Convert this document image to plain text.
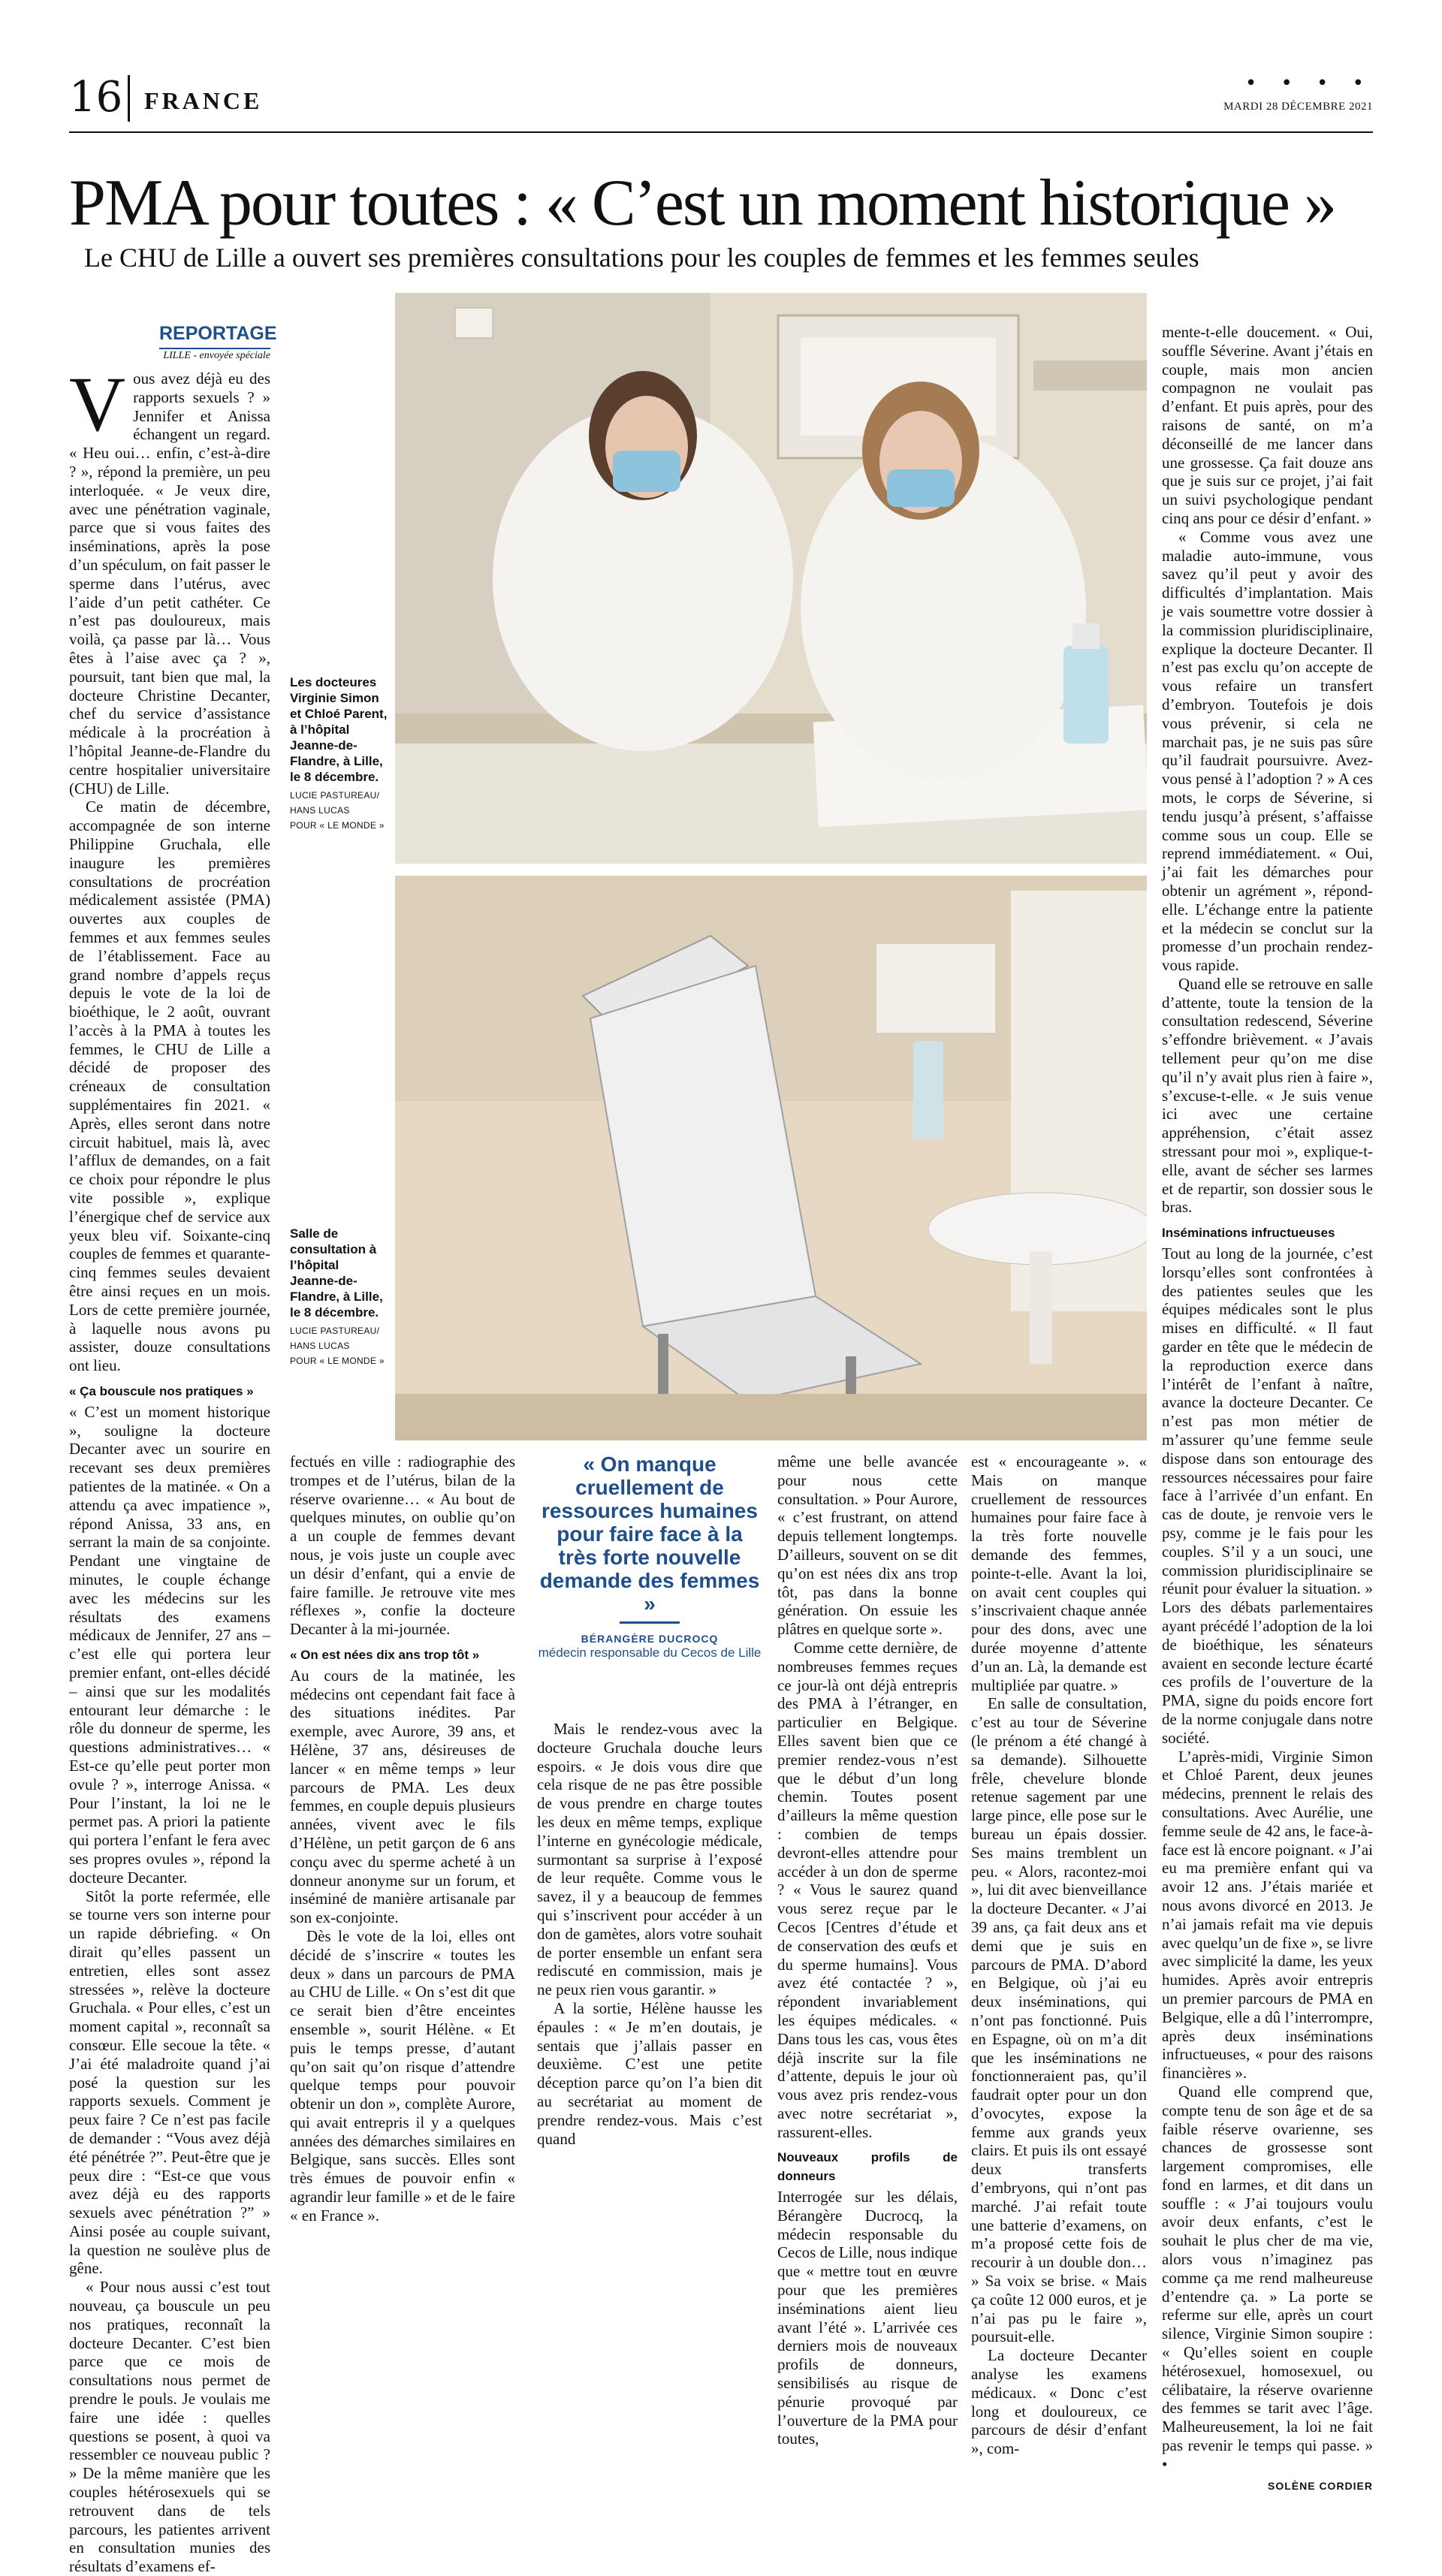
16 FRANCE
• • • •
MARDI 28 DÉCEMBRE 2021
PMA pour toutes : « C’est un moment historique »
Le CHU de Lille a ouvert ses premières consultations pour les couples de femmes et les femmes seules
REPORTAGE
LILLE - envoyée spéciale

Vous avez déjà eu des rapports sexuels ? » Jennifer et Anissa échangent un regard. « Heu oui… enfin, c’est-à-dire ? », répond la première, un peu interloquée. « Je veux dire, avec une pénétration vaginale, parce que si vous faites des inséminations, après la pose d’un spéculum, on fait passer le sperme dans l’utérus, avec l’aide d’un petit cathéter. Ce n’est pas douloureux, mais voilà, ça passe par là… Vous êtes à l’aise avec ça ? », poursuit, tant bien que mal, la docteure Christine Decanter, chef du service d’assistance médicale à la procréation à l’hôpital Jeanne-de-Flandre du centre hospitalier universitaire (CHU) de Lille.

Ce matin de décembre, accompagnée de son interne Philippine Gruchala, elle inaugure les premières consultations de procréation médicalement assistée (PMA) ouvertes aux couples de femmes et aux femmes seules de l’établissement. Face au grand nombre d’appels reçus depuis le vote de la loi de bioéthique, le 2 août, ouvrant l’accès à la PMA à toutes les femmes, le CHU de Lille a décidé de proposer des créneaux de consultation supplémentaires fin 2021. « Après, elles seront dans notre circuit habituel, mais là, avec l’afflux de demandes, on a fait ce choix pour répondre le plus vite possible », explique l’énergique chef de service aux yeux bleu vif. Soixante-cinq couples de femmes et quarante-cinq femmes seules devaient être ainsi reçues en un mois. Lors de cette première journée, à laquelle nous avons pu assister, douze consultations ont lieu.

« Ça bouscule nos pratiques »

« C’est un moment historique », souligne la docteure Decanter avec un sourire en recevant ses deux premières patientes de la matinée. « On a attendu ça avec impatience », répond Anissa, 33 ans, en serrant la main de sa conjointe. Pendant une vingtaine de minutes, le couple échange avec les médecins sur les résultats des examens médicaux de Jennifer, 27 ans – c’est elle qui portera leur premier enfant, ont-elles décidé – ainsi que sur les modalités entourant leur démarche : le rôle du donneur de sperme, les questions administratives… « Est-ce qu’elle peut porter mon ovule ? », interroge Anissa. « Pour l’instant, la loi ne le permet pas. A priori la patiente qui portera l’enfant le fera avec ses propres ovules », répond la docteure Decanter.

Sitôt la porte refermée, elle se tourne vers son interne pour un rapide débriefing. « On dirait qu’elles passent un entretien, elles sont assez stressées », relève la docteure Gruchala. « Pour elles, c’est un moment capital », reconnaît sa consœur. Elle secoue la tête. « J’ai été maladroite quand j’ai posé la question sur les rapports sexuels. Comment je peux faire ? Ce n’est pas facile de demander : “Vous avez déjà été pénétrée ?”. Peut-être que je peux dire : “Est-ce que vous avez déjà eu des rapports sexuels avec pénétration ?” » Ainsi posée au couple suivant, la question ne soulève plus de gêne.

« Pour nous aussi c’est tout nouveau, ça bouscule un peu nos pratiques, reconnaît la docteure Decanter. C’est bien parce que ce mois de consultations nous permet de prendre le pouls. Je voulais me faire une idée : quelles questions se posent, à quoi va ressembler ce nouveau public ? » De la même manière que les couples hétérosexuels qui se retrouvent dans de tels parcours, les patientes arrivent en consultation munies des résultats d’examens ef-

Les docteures Virginie Simon et Chloé Parent, à l’hôpital Jeanne-de-Flandre, à Lille, le 8 décembre.
LUCIE PASTUREAU/
HANS LUCAS
POUR « LE MONDE »
Salle de consultation à l’hôpital Jeanne-de-Flandre, à Lille, le 8 décembre.
LUCIE PASTUREAU/
HANS LUCAS
POUR « LE MONDE »

fectués en ville : radiographie des trompes et de l’utérus, bilan de la réserve ovarienne… « Au bout de quelques minutes, on oublie qu’on a un couple de femmes devant nous, je vois juste un couple avec un désir d’enfant, qui a envie de faire famille. Je retrouve vite mes réflexes », confie la docteure Decanter à la mi-journée.

« On est nées dix ans trop tôt »

Au cours de la matinée, les médecins ont cependant fait face à des situations inédites. Par exemple, avec Aurore, 39 ans, et Hélène, 37 ans, désireuses de lancer « en même temps » leur parcours de PMA. Les deux femmes, en couple depuis plusieurs années, vivent avec le fils d’Hélène, un petit garçon de 6 ans conçu avec du sperme acheté à un donneur anonyme sur un forum, et inséminé de manière artisanale par son ex-conjointe.

Dès le vote de la loi, elles ont décidé de s’inscrire « toutes les deux » dans un parcours de PMA au CHU de Lille. « On s’est dit que ce serait bien d’être enceintes ensemble », sourit Hélène. « Et puis le temps presse, d’autant qu’on sait qu’on risque d’attendre quelque temps pour pouvoir obtenir un don », complète Aurore, qui avait entrepris il y a quelques années des démarches similaires en Belgique, sans succès. Elles sont très émues de pouvoir enfin « agrandir leur famille » et de le faire « en France ».

« On manque cruellement de ressources humaines pour faire face à la très forte nouvelle demande des femmes »
BÉRANGÈRE DUCROCQ
médecin responsable du Cecos de Lille

Mais le rendez-vous avec la docteure Gruchala douche leurs espoirs. « Je dois vous dire que cela risque de ne pas être possible de vous prendre en charge toutes les deux en même temps, explique l’interne en gynécologie médicale, surmontant sa surprise à l’exposé de leur requête. Comme vous le savez, il y a beaucoup de femmes qui s’inscrivent pour accéder à un don de gamètes, alors votre souhait de porter ensemble un enfant sera rediscuté en commission, mais je ne peux rien vous garantir. »

A la sortie, Hélène hausse les épaules : « Je m’en doutais, je sentais que j’allais passer en deuxième. C’est une petite déception parce qu’on l’a bien dit au secrétariat au moment de prendre rendez-vous. Mais c’est quand

même une belle avancée pour nous cette consultation. » Pour Aurore, « c’est frustrant, on attend depuis tellement longtemps. D’ailleurs, souvent on se dit qu’on est nées dix ans trop tôt, pas dans la bonne génération. On essuie les plâtres en quelque sorte ».

Comme cette dernière, de nombreuses femmes reçues ce jour-là ont déjà entrepris des PMA à l’étranger, en particulier en Belgique. Elles savent bien que ce premier rendez-vous n’est que le début d’un long chemin. Toutes posent d’ailleurs la même question : combien de temps devront-elles attendre pour accéder à un don de sperme ? « Vous le saurez quand vous serez reçue par le Cecos [Centres d’étude et de conservation des œufs et du sperme humains]. Vous avez été contactée ? », répondent invariablement les équipes médicales. « Dans tous les cas, vous êtes déjà inscrite sur la file d’attente, depuis le jour où vous avez pris rendez-vous avec notre secrétariat », rassurent-elles.

Nouveaux profils de donneurs

Interrogée sur les délais, Bérangère Ducrocq, la médecin responsable du Cecos de Lille, nous indique que « mettre tout en œuvre pour que les premières inséminations aient lieu avant l’été ». L’arrivée ces derniers mois de nouveaux profils de donneurs, sensibilisés au risque de pénurie provoqué par l’ouverture de la PMA pour toutes,

est « encourageante ». « Mais on manque cruellement de ressources humaines pour faire face à la très forte nouvelle demande des femmes, pointe-t-elle. Avant la loi, on avait cent couples qui s’inscrivaient chaque année pour des dons, avec une durée moyenne d’attente d’un an. Là, la demande est multipliée par quatre. »

En salle de consultation, c’est au tour de Séverine (le prénom a été changé à sa demande). Silhouette frêle, chevelure blonde retenue sagement par une large pince, elle pose sur le bureau un épais dossier. Ses mains tremblent un peu. « Alors, racontez-moi », lui dit avec bienveillance la docteure Decanter. « J’ai 39 ans, ça fait deux ans et demi que je suis en parcours de PMA. D’abord en Belgique, où j’ai eu deux inséminations, qui n’ont pas fonctionné. Puis en Espagne, où on m’a dit que les inséminations ne fonctionneraient pas, qu’il faudrait opter pour un don d’ovocytes, expose la femme aux grands yeux clairs. Et puis ils ont essayé deux transferts d’embryons, qui n’ont pas marché. J’ai refait toute une batterie d’examens, on m’a proposé cette fois de recourir à un double don… » Sa voix se brise. « Mais ça coûte 12 000 euros, et je n’ai pas pu le faire », poursuit-elle.

La docteure Decanter analyse les examens médicaux. « Donc c’est long et douloureux, ce parcours de désir d’enfant », com-

mente-t-elle doucement. « Oui, souffle Séverine. Avant j’étais en couple, mais mon ancien compagnon ne voulait pas d’enfant. Et puis après, pour des raisons de santé, on m’a déconseillé de me lancer dans une grossesse. Ça fait douze ans que je suis sur ce projet, j’ai fait un suivi psychologique pendant cinq ans pour ce désir d’enfant. »

« Comme vous avez une maladie auto-immune, vous savez qu’il peut y avoir des difficultés d’implantation. Mais je vais soumettre votre dossier à la commission pluridisciplinaire, explique la docteure Decanter. Il n’est pas exclu qu’on accepte de vous refaire un transfert d’embryon. Toutefois je dois vous prévenir, si cela ne marchait pas, je ne suis pas sûre qu’il faudrait poursuivre. Avez-vous pensé à l’adoption ? » A ces mots, le corps de Séverine, si tendu jusqu’à présent, s’affaisse comme sous un coup. Elle se reprend immédiatement. « Oui, j’ai fait les démarches pour obtenir un agrément », répond-elle. L’échange entre la patiente et la médecin se conclut sur la promesse d’un prochain rendez-vous rapide.

Quand elle se retrouve en salle d’attente, toute la tension de la consultation redescend, Séverine s’effondre brièvement. « J’avais tellement peur qu’on me dise qu’il n’y avait plus rien à faire », s’excuse-t-elle. « Je suis venue ici avec une certaine appréhension, c’était assez stressant pour moi », explique-t-elle, avant de sécher ses larmes et de repartir, son dossier sous le bras.

Inséminations infructueuses

Tout au long de la journée, c’est lorsqu’elles sont confrontées à des patientes seules que les équipes médicales sont le plus mises en difficulté. « Il faut garder en tête que le médecin de la reproduction exerce dans l’intérêt de l’enfant à naître, avance la docteure Decanter. Ce n’est pas mon métier de m’assurer qu’une femme seule dispose dans son entourage des ressources nécessaires pour faire face à l’arrivée d’un enfant. En cas de doute, je renvoie vers le psy, comme je le fais pour les couples. S’il y a un souci, une commission pluridisciplinaire se réunit pour évaluer la situation. » Lors des débats parlementaires ayant précédé l’adoption de la loi de bioéthique, les sénateurs avaient en seconde lecture écarté ces profils de l’ouverture de la PMA, signe du poids encore fort de la norme conjugale dans notre société.

L’après-midi, Virginie Simon et Chloé Parent, deux jeunes médecins, prennent le relais des consultations. Avec Aurélie, une femme seule de 42 ans, le face-à-face est là encore poignant. « J’ai eu ma première enfant qui va avoir 12 ans. J’étais mariée et nous avons divorcé en 2013. Je n’ai jamais refait ma vie depuis avec quelqu’un de fixe », se livre avec simplicité la dame, les yeux humides. Après avoir entrepris un premier parcours de PMA en Belgique, elle a dû l’interrompre, après deux inséminations infructueuses, « pour des raisons financières ».

Quand elle comprend que, compte tenu de son âge et de sa faible réserve ovarienne, ses chances de grossesse sont largement compromises, elle fond en larmes, et dit dans un souffle : « J’ai toujours voulu avoir deux enfants, c’est le souhait le plus cher de ma vie, alors vous n’imaginez pas comme ça me rend malheureuse d’entendre ça. » La porte se referme sur elle, après un court silence, Virginie Simon soupire : « Qu’elles soient en couple hétérosexuel, homosexuel, ou célibataire, la réserve ovarienne des femmes se tarit avec l’âge. Malheureusement, la loi ne fait pas revenir le temps qui passe. » •

SOLÈNE CORDIER
